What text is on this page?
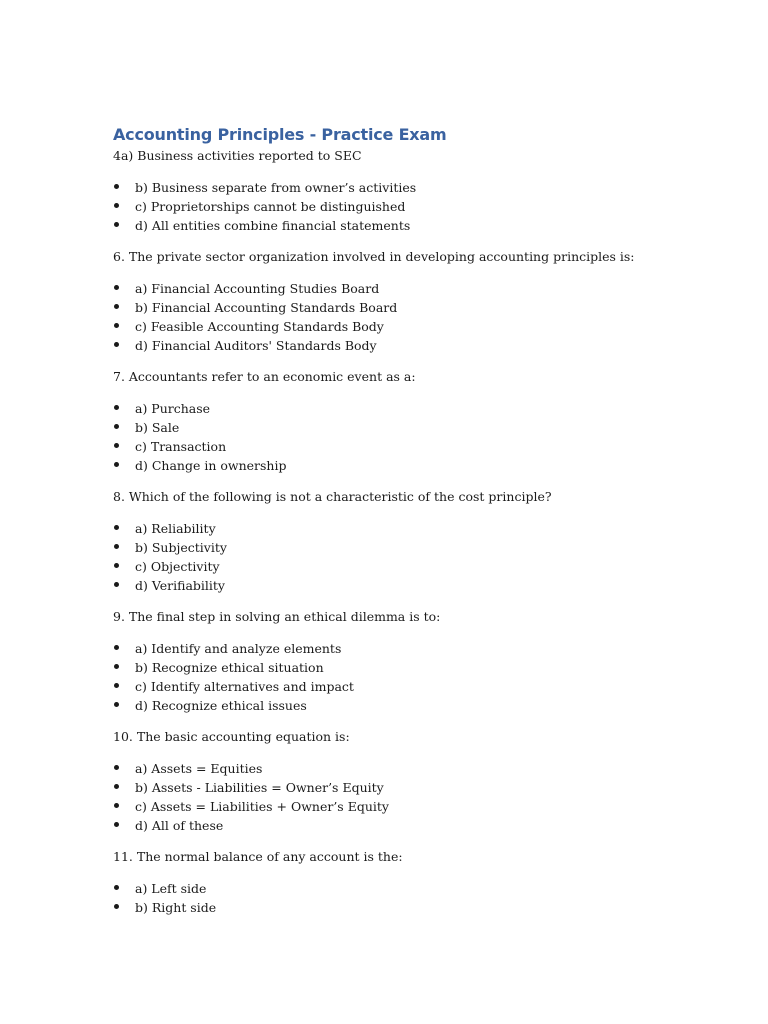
Accounting Principles - Practice Exam

4a) Business activities reported to SEC

b) Business separate from owner’s activities
c) Proprietorships cannot be distinguished
d) All entities combine financial statements

6. The private sector organization involved in developing accounting principles is:

a) Financial Accounting Studies Board
b) Financial Accounting Standards Board
c) Feasible Accounting Standards Body
d) Financial Auditors' Standards Body

7. Accountants refer to an economic event as a:

a) Purchase
b) Sale
c) Transaction
d) Change in ownership

8. Which of the following is not a characteristic of the cost principle?

a) Reliability
b) Subjectivity
c) Objectivity
d) Verifiability

9. The final step in solving an ethical dilemma is to:

a) Identify and analyze elements
b) Recognize ethical situation
c) Identify alternatives and impact
d) Recognize ethical issues

10. The basic accounting equation is:

a) Assets = Equities
b) Assets - Liabilities = Owner’s Equity
c) Assets = Liabilities + Owner’s Equity
d) All of these

11. The normal balance of any account is the:

a) Left side
b) Right side
